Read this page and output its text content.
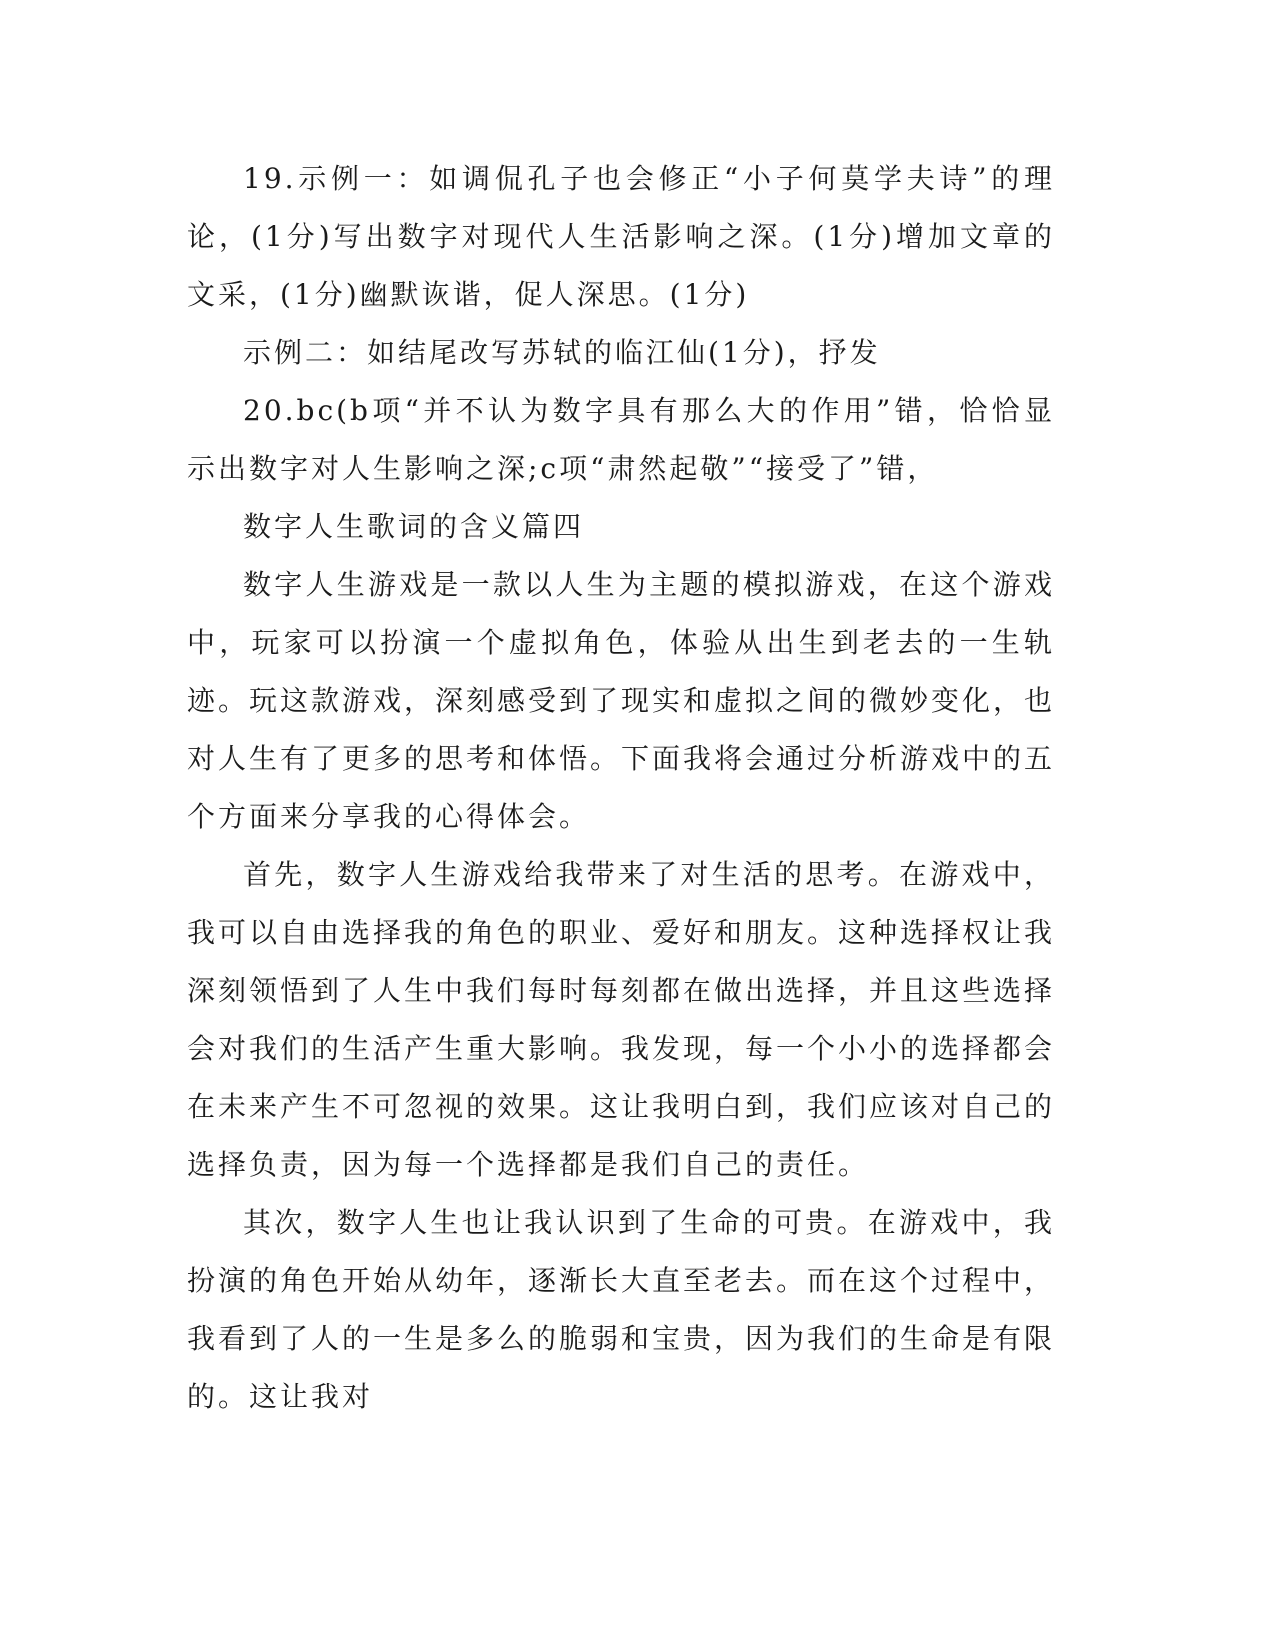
19.示例一：如调侃孔子也会修正“小子何莫学夫诗”的理论，(1分)写出数字对现代人生活影响之深。(1分)增加文章的文采，(1分)幽默诙谐，促人深思。(1分)

示例二：如结尾改写苏轼的临江仙(1分)，抒发

20.bc(b项“并不认为数字具有那么大的作用”错，恰恰显示出数字对人生影响之深;c项“肃然起敬”“接受了”错，

数字人生歌词的含义篇四

数字人生游戏是一款以人生为主题的模拟游戏，在这个游戏中，玩家可以扮演一个虚拟角色，体验从出生到老去的一生轨迹。玩这款游戏，深刻感受到了现实和虚拟之间的微妙变化，也对人生有了更多的思考和体悟。下面我将会通过分析游戏中的五个方面来分享我的心得体会。

首先，数字人生游戏给我带来了对生活的思考。在游戏中，我可以自由选择我的角色的职业、爱好和朋友。这种选择权让我深刻领悟到了人生中我们每时每刻都在做出选择，并且这些选择会对我们的生活产生重大影响。我发现，每一个小小的选择都会在未来产生不可忽视的效果。这让我明白到，我们应该对自己的选择负责，因为每一个选择都是我们自己的责任。

其次，数字人生也让我认识到了生命的可贵。在游戏中，我扮演的角色开始从幼年，逐渐长大直至老去。而在这个过程中，我看到了人的一生是多么的脆弱和宝贵，因为我们的生命是有限的。这让我对
